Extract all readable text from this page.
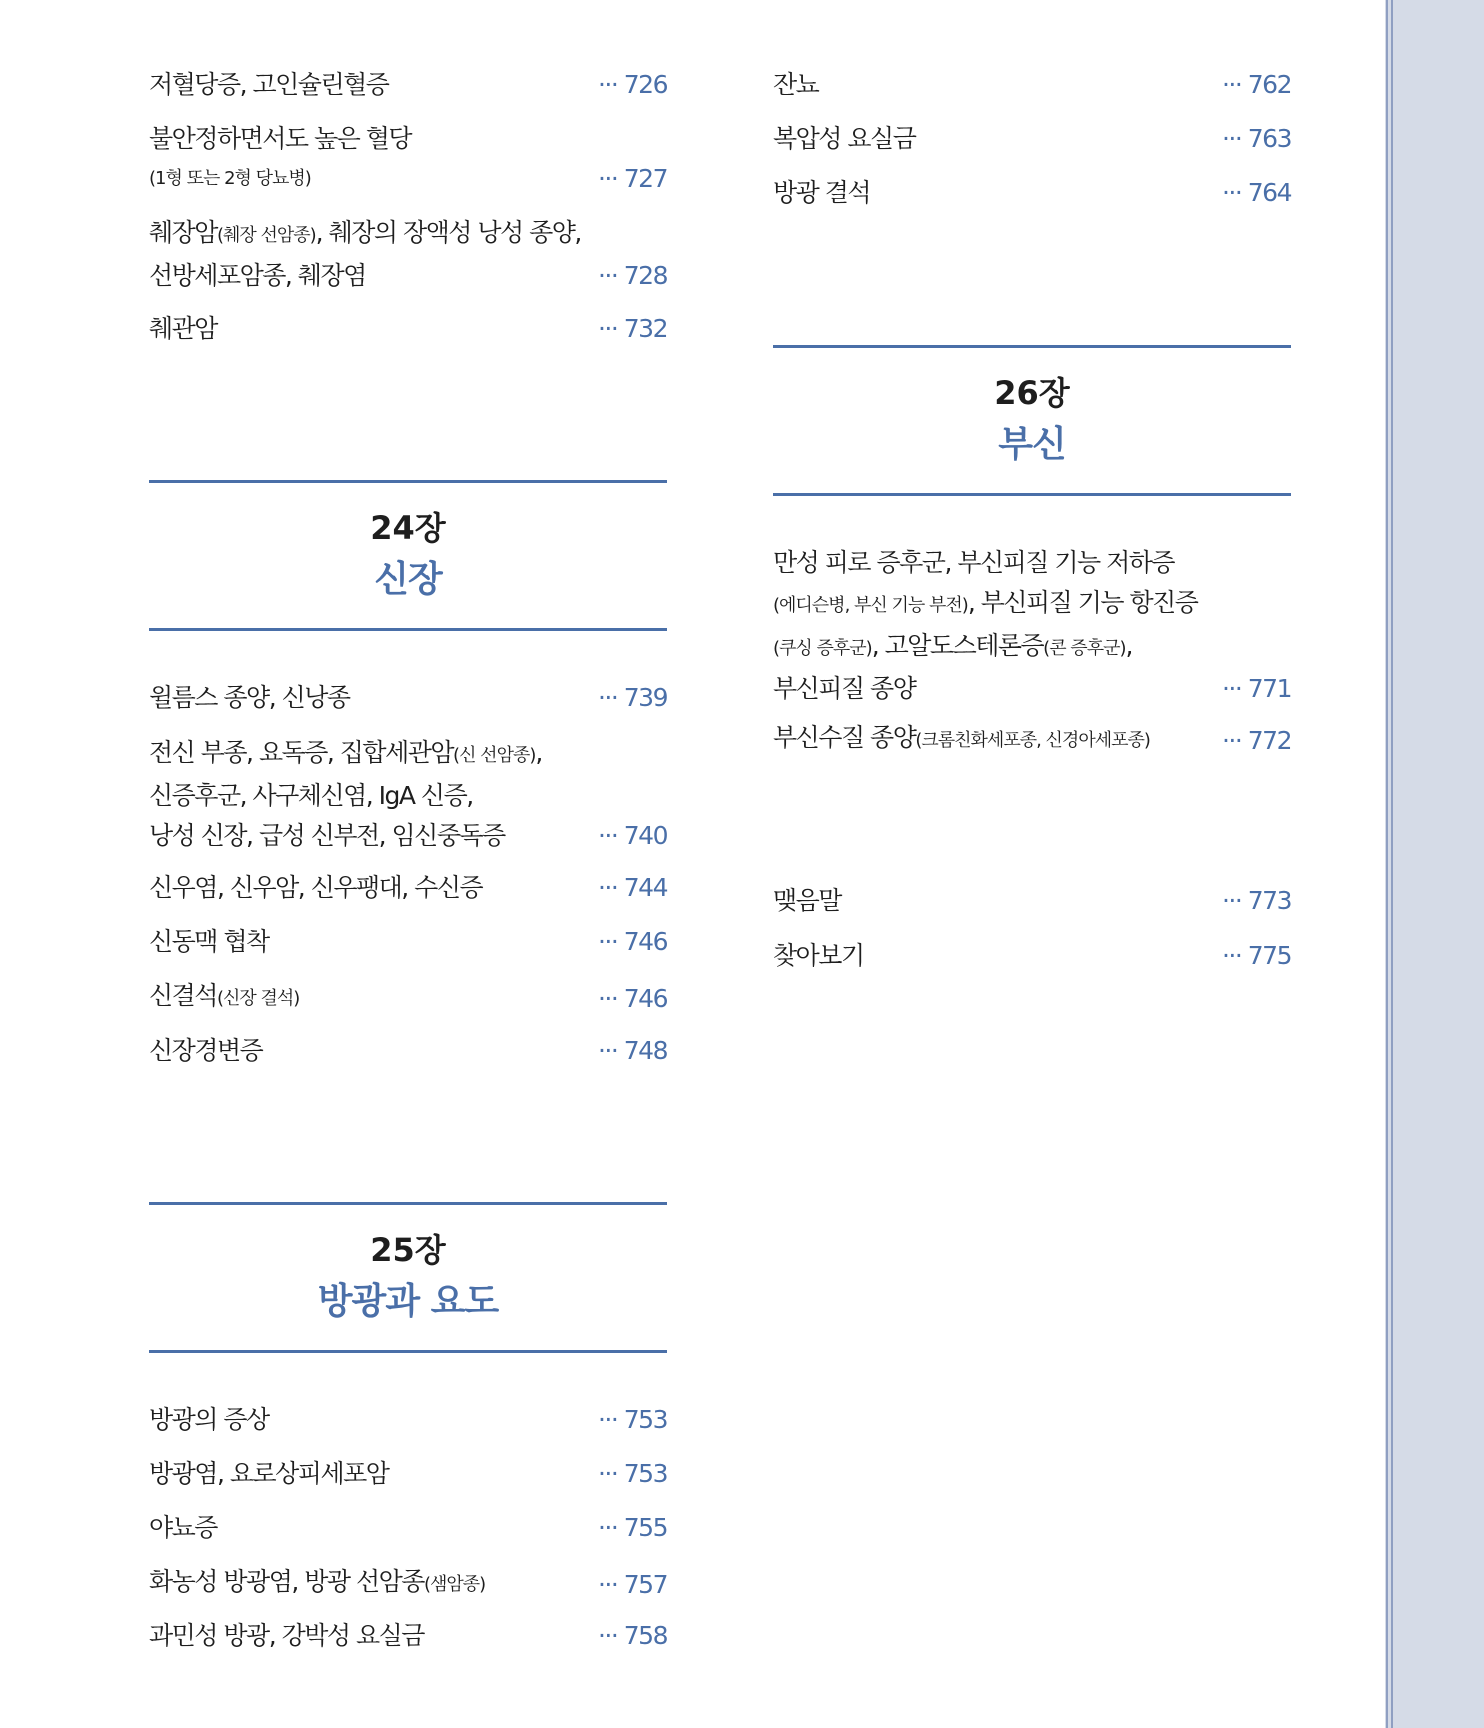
저혈당증, 고인슐린혈증	··· 726
불안정하면서도 높은 혈당
(1형 또는 2형 당뇨병)	··· 727
췌장암(췌장 선암종), 췌장의 장액성 낭성 종양,
선방세포암종, 췌장염	··· 728
췌관암	··· 732
24장
신장
윌름스 종양, 신낭종	··· 739
전신 부종, 요독증, 집합세관암(신 선암종),
신증후군, 사구체신염, IgA 신증,
낭성 신장, 급성 신부전, 임신중독증	··· 740
신우염, 신우암, 신우팽대, 수신증	··· 744
신동맥 협착	··· 746
신결석(신장 결석)	··· 746
신장경변증	··· 748
25장
방광과 요도
방광의 증상	··· 753
방광염, 요로상피세포암	··· 753
야뇨증	··· 755
화농성 방광염, 방광 선암종(샘암종)	··· 757
과민성 방광, 강박성 요실금	··· 758
잔뇨	··· 762
복압성 요실금	··· 763
방광 결석	··· 764
26장
부신
만성 피로 증후군, 부신피질 기능 저하증
(에디슨병, 부신 기능 부전), 부신피질 기능 항진증
(쿠싱 증후군), 고알도스테론증(콘 증후군),
부신피질 종양	··· 771
부신수질 종양(크롬친화세포종, 신경아세포종)	··· 772
맺음말	··· 773
찾아보기	··· 775
